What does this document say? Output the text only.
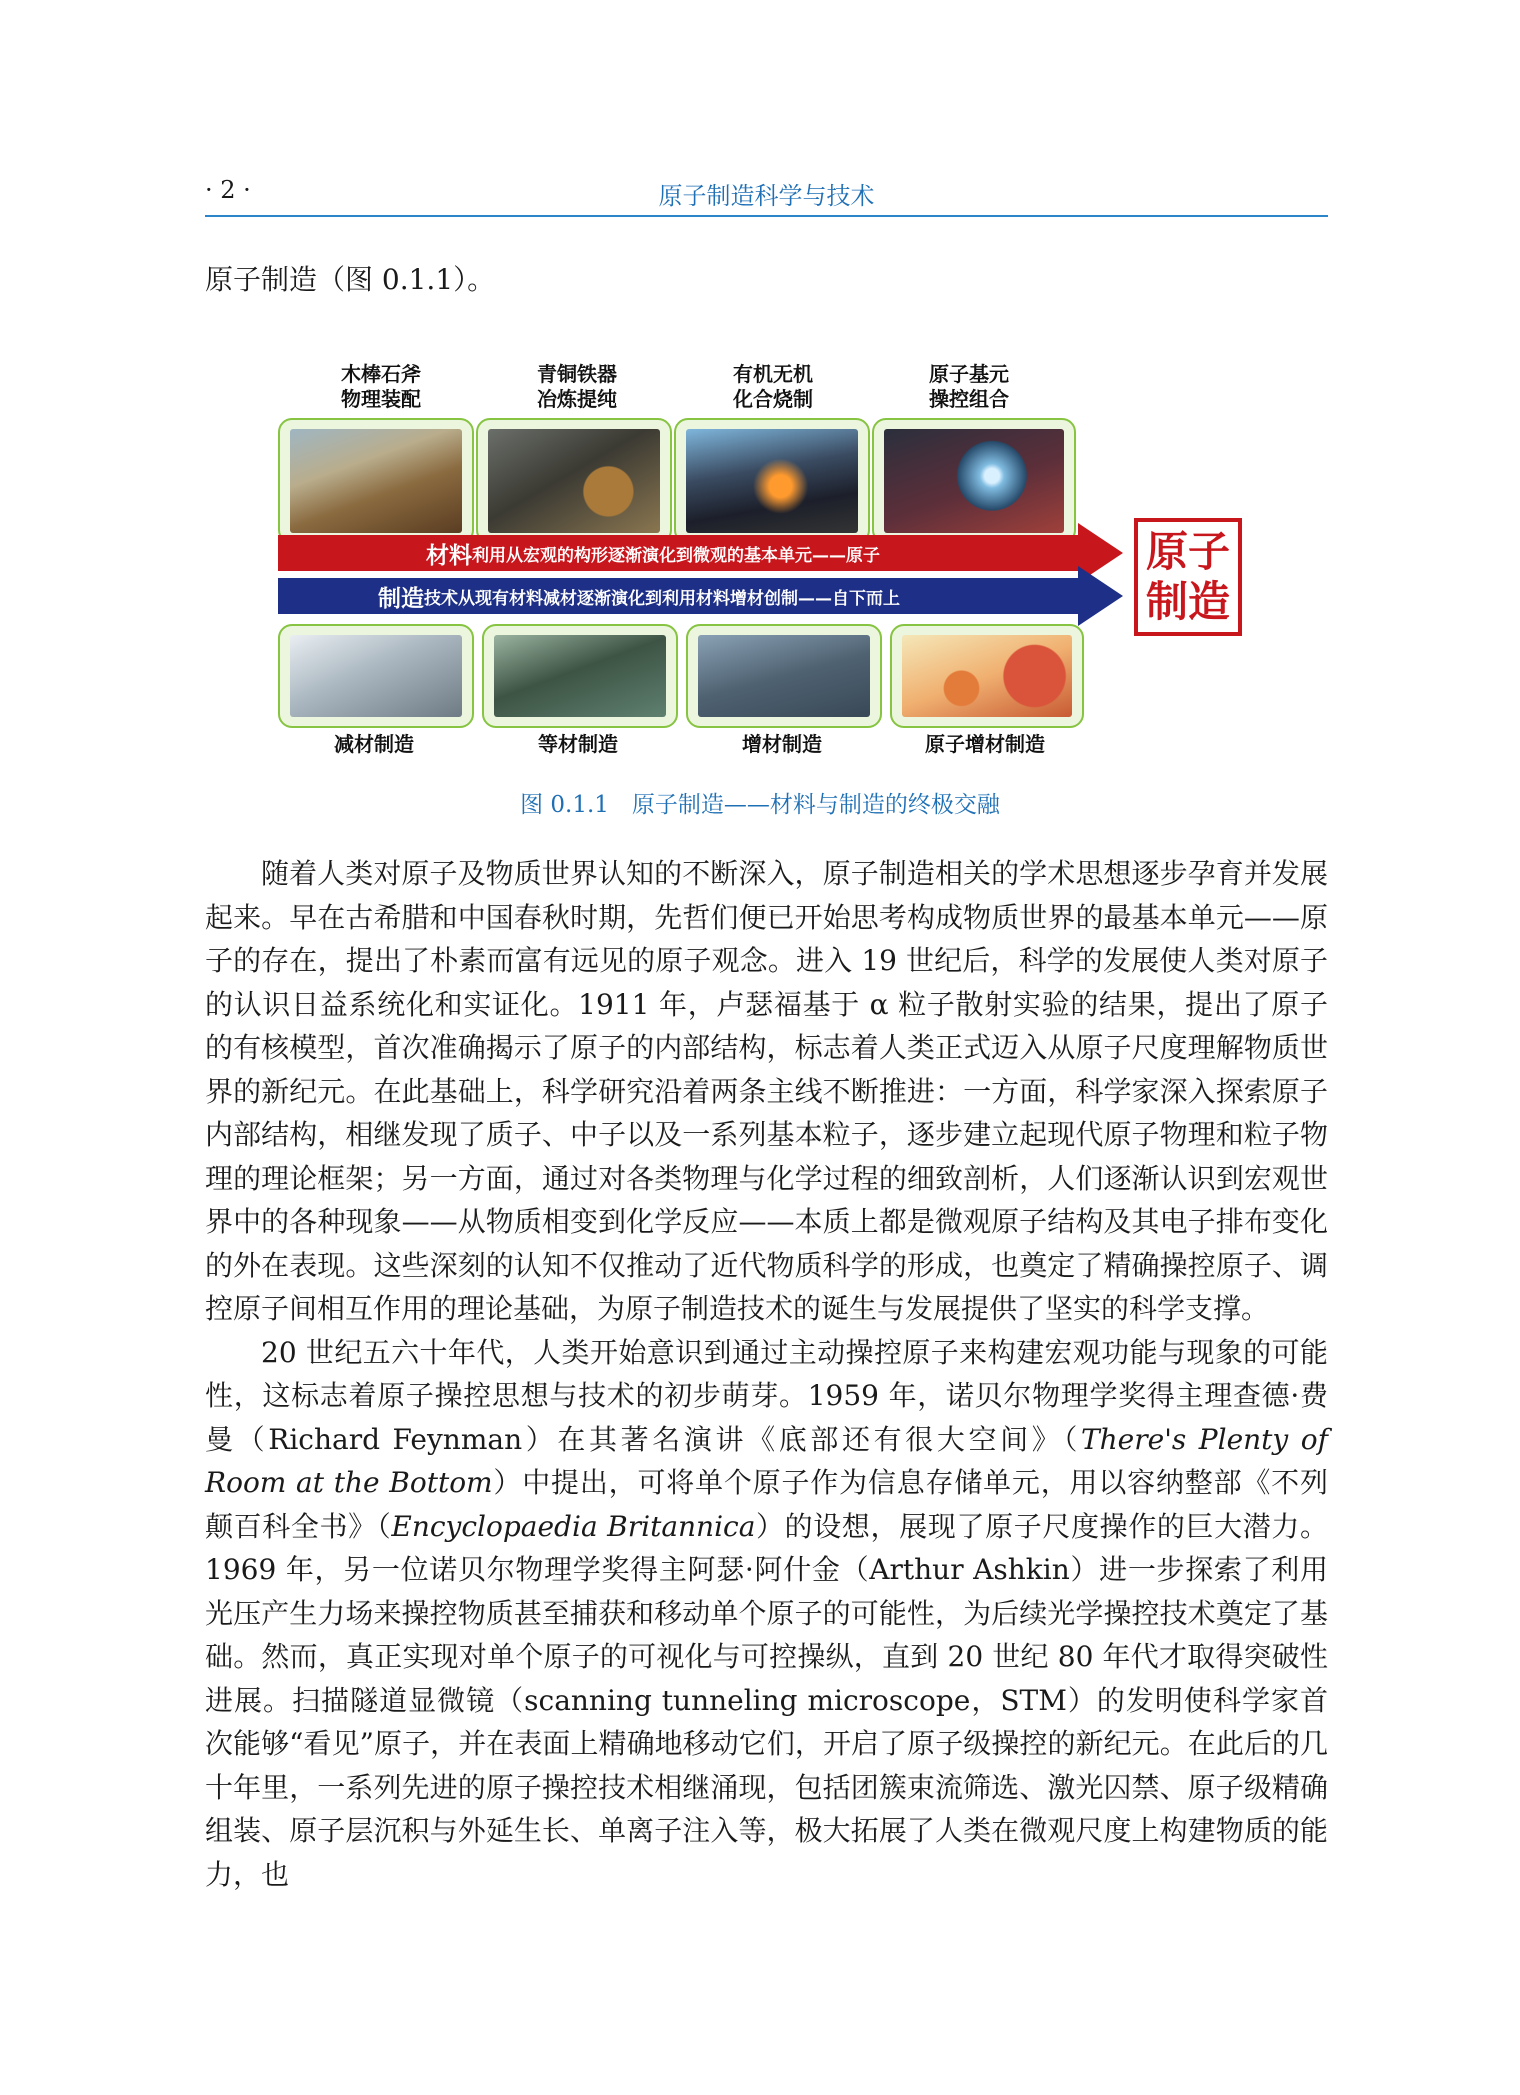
· 2 ·	原子制造科学与技术
原子制造（图 0.1.1）。
木棒石斧
物理装配
青铜铁器
冶炼提纯
有机无机
化合烧制
原子基元
操控组合
材料 利用从宏观的构形逐渐演化到微观的基本单元——原子
制造 技术从现有材料减材逐渐演化到利用材料增材创制——自下而上
原子
制造
减材制造	等材制造	增材制造	原子增材制造
图 0.1.1　原子制造——材料与制造的终极交融

随着人类对原子及物质世界认知的不断深入，原子制造相关的学术思想逐步孕育并发展起来。早在古希腊和中国春秋时期，先哲们便已开始思考构成物质世界的最基本单元——原子的存在，提出了朴素而富有远见的原子观念。进入 19 世纪后，科学的发展使人类对原子的认识日益系统化和实证化。1911 年，卢瑟福基于 α 粒子散射实验的结果，提出了原子的有核模型，首次准确揭示了原子的内部结构，标志着人类正式迈入从原子尺度理解物质世界的新纪元。在此基础上，科学研究沿着两条主线不断推进：一方面，科学家深入探索原子内部结构，相继发现了质子、中子以及一系列基本粒子，逐步建立起现代原子物理和粒子物理的理论框架；另一方面，通过对各类物理与化学过程的细致剖析，人们逐渐认识到宏观世界中的各种现象——从物质相变到化学反应——本质上都是微观原子结构及其电子排布变化的外在表现。这些深刻的认知不仅推动了近代物质科学的形成，也奠定了精确操控原子、调控原子间相互作用的理论基础，为原子制造技术的诞生与发展提供了坚实的科学支撑。

20 世纪五六十年代，人类开始意识到通过主动操控原子来构建宏观功能与现象的可能性，这标志着原子操控思想与技术的初步萌芽。1959 年，诺贝尔物理学奖得主理查德·费曼（Richard Feynman）在其著名演讲《底部还有很大空间》（There's Plenty of Room at the Bottom）中提出，可将单个原子作为信息存储单元，用以容纳整部《不列颠百科全书》（Encyclopaedia Britannica）的设想，展现了原子尺度操作的巨大潜力。1969 年，另一位诺贝尔物理学奖得主阿瑟·阿什金（Arthur Ashkin）进一步探索了利用光压产生力场来操控物质甚至捕获和移动单个原子的可能性，为后续光学操控技术奠定了基础。然而，真正实现对单个原子的可视化与可控操纵，直到 20 世纪 80 年代才取得突破性进展。扫描隧道显微镜（scanning tunneling microscope，STM）的发明使科学家首次能够“看见”原子，并在表面上精确地移动它们，开启了原子级操控的新纪元。在此后的几十年里，一系列先进的原子操控技术相继涌现，包括团簇束流筛选、激光囚禁、原子级精确组装、原子层沉积与外延生长、单离子注入等，极大拓展了人类在微观尺度上构建物质的能力，也
